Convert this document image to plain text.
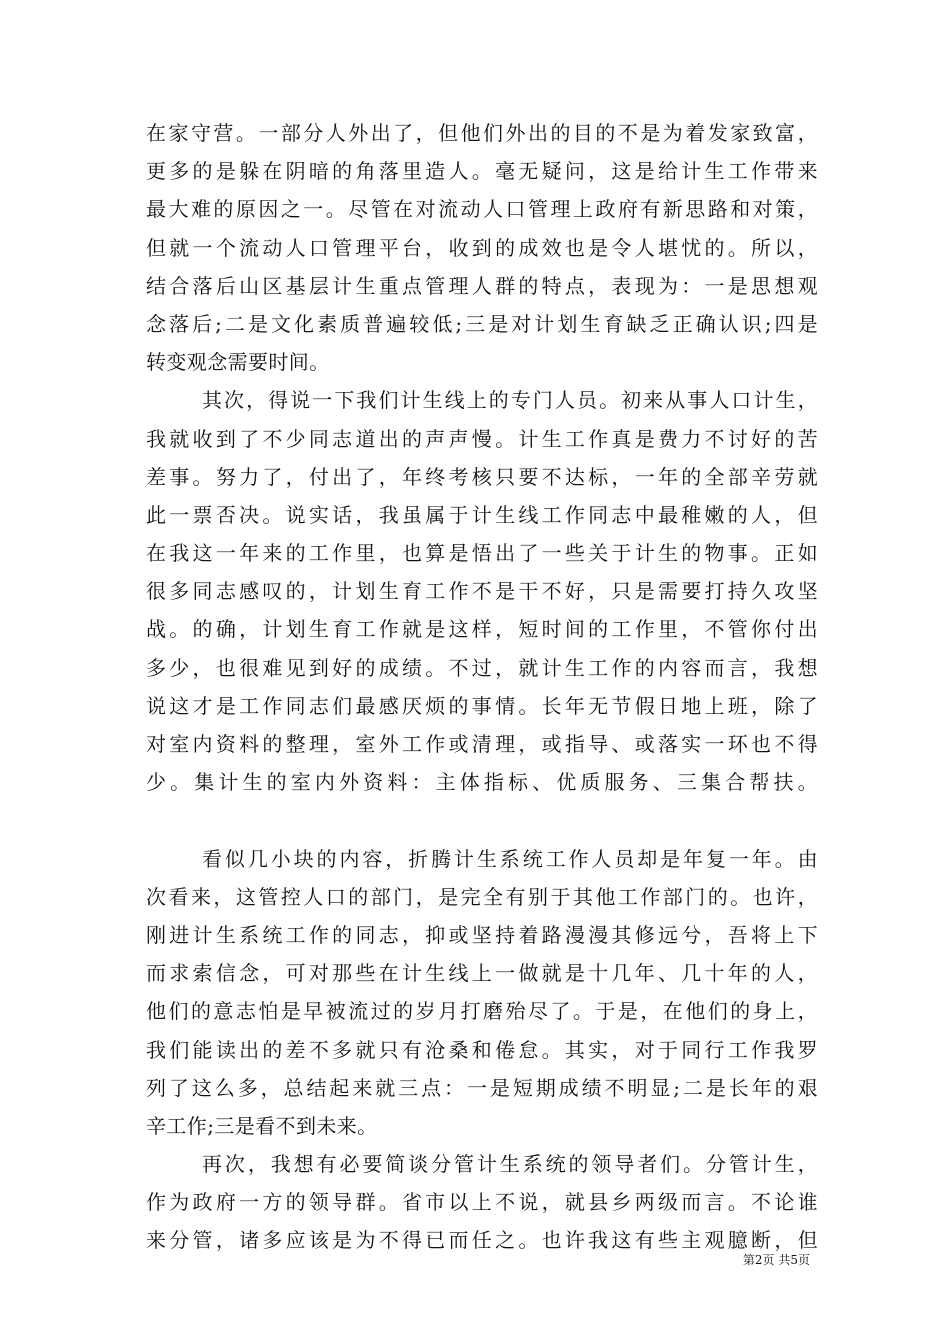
在家守营。一部分人外出了，但他们外出的目的不是为着发家致富，
更多的是躲在阴暗的角落里造人。毫无疑问，这是给计生工作带来
最大难的原因之一。尽管在对流动人口管理上政府有新思路和对策，
但就一个流动人口管理平台，收到的成效也是令人堪忧的。所以，
结合落后山区基层计生重点管理人群的特点，表现为：一是思想观
念落后;二是文化素质普遍较低;三是对计划生育缺乏正确认识;四是
转变观念需要时间。
其次，得说一下我们计生线上的专门人员。初来从事人口计生，
我就收到了不少同志道出的声声慢。计生工作真是费力不讨好的苦
差事。努力了，付出了，年终考核只要不达标，一年的全部辛劳就
此一票否决。说实话，我虽属于计生线工作同志中最稚嫩的人，但
在我这一年来的工作里，也算是悟出了一些关于计生的物事。正如
很多同志感叹的，计划生育工作不是干不好，只是需要打持久攻坚
战。的确，计划生育工作就是这样，短时间的工作里，不管你付出
多少，也很难见到好的成绩。不过，就计生工作的内容而言，我想
说这才是工作同志们最感厌烦的事情。长年无节假日地上班，除了
对室内资料的整理，室外工作或清理，或指导、或落实一环也不得
少。集计生的室内外资料：主体指标、优质服务、三集合帮扶。
看似几小块的内容，折腾计生系统工作人员却是年复一年。由
次看来，这管控人口的部门，是完全有别于其他工作部门的。也许，
刚进计生系统工作的同志，抑或坚持着路漫漫其修远兮，吾将上下
而求索信念，可对那些在计生线上一做就是十几年、几十年的人，
他们的意志怕是早被流过的岁月打磨殆尽了。于是，在他们的身上，
我们能读出的差不多就只有沧桑和倦怠。其实，对于同行工作我罗
列了这么多，总结起来就三点：一是短期成绩不明显;二是长年的艰
辛工作;三是看不到未来。
再次，我想有必要简谈分管计生系统的领导者们。分管计生，
作为政府一方的领导群。省市以上不说，就县乡两级而言。不论谁
来分管，诸多应该是为不得已而任之。也许我这有些主观臆断，但
第2页 共5页
